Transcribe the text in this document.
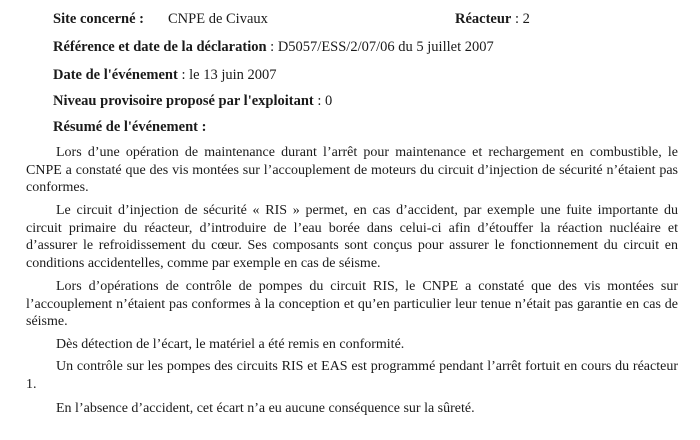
Site concerné : CNPE de Civaux	Réacteur : 2
Référence et date de la déclaration : D5057/ESS/2/07/06 du 5 juillet 2007
Date de l'événement : le 13 juin 2007
Niveau provisoire proposé par l'exploitant : 0
Résumé de l'événement :

Lors d’une opération de maintenance durant l’arrêt pour maintenance et rechargement en combustible, le CNPE a constaté que des vis montées sur l’accouplement de moteurs du circuit d’injection de sécurité n’étaient pas conformes.

Le circuit d’injection de sécurité « RIS » permet, en cas d’accident, par exemple une fuite importante du circuit primaire du réacteur, d’introduire de l’eau borée dans celui-ci afin d’étouffer la réaction nucléaire et d’assurer le refroidissement du cœur. Ses composants sont conçus pour assurer le fonctionnement du circuit en conditions accidentelles, comme par exemple en cas de séisme.

Lors d’opérations de contrôle de pompes du circuit RIS, le CNPE a constaté que des vis montées sur l’accouplement n’étaient pas conformes à la conception et qu’en particulier leur tenue n’était pas garantie en cas de séisme.

Dès détection de l’écart, le matériel a été remis en conformité.

Un contrôle sur les pompes des circuits RIS et EAS est programmé pendant l’arrêt fortuit en cours du réacteur 1.

En l’absence d’accident, cet écart n’a eu aucune conséquence sur la sûreté.
